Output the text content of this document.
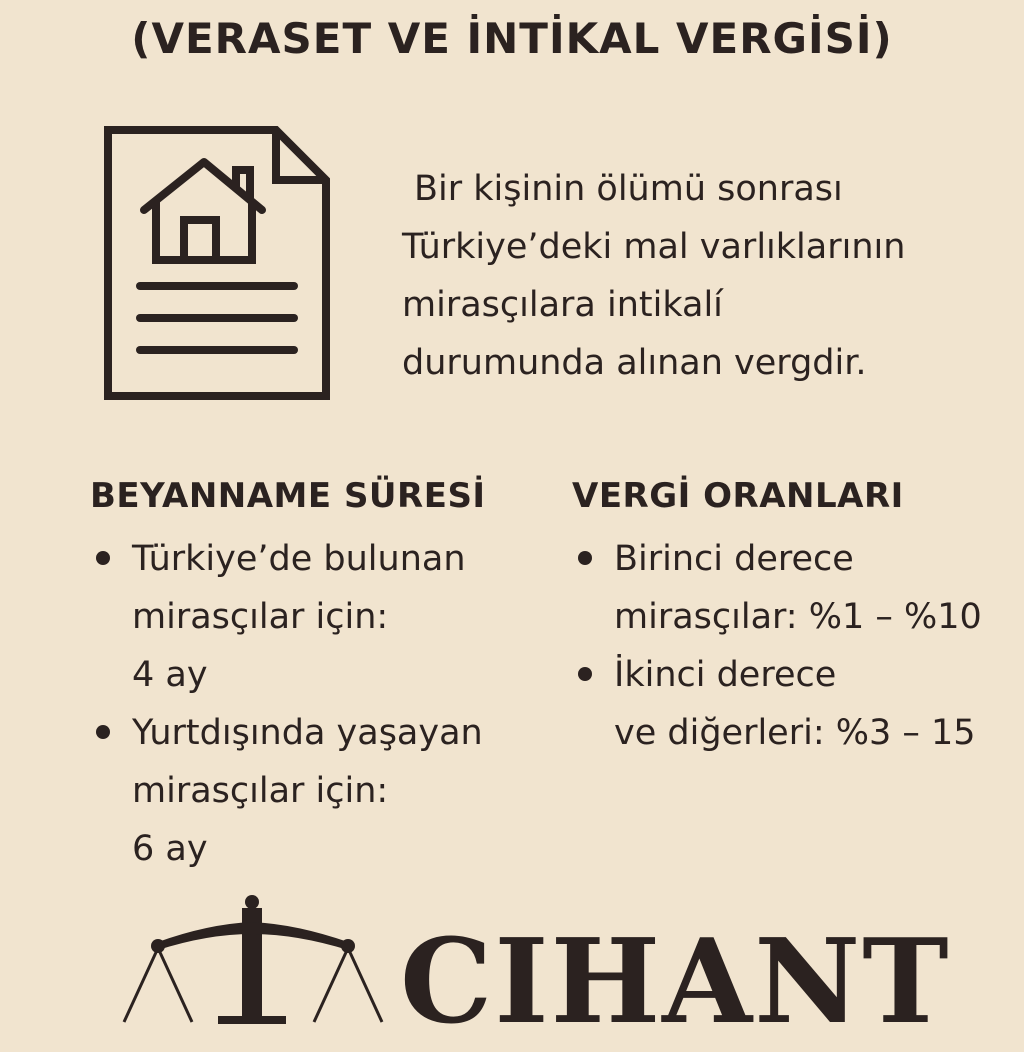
(VERASET VE İNTİKAL VERGİSİ)
Bir kişinin ölümü sonrası
Türkiye’deki mal varlıklarının
mirasçılara intikalí
durumunda alınan vergdir.
BEYANNAME SÜRESİ
Türkiye’de bulunan
mirasçılar için:
4 ay
Yurtdışında yaşayan
mirasçılar için:
6 ay
VERGİ ORANLARI
Birinci derece
mirasçılar: %1 – %10
İkinci derece
ve diğerleri: %3 – 15
CIHANT
